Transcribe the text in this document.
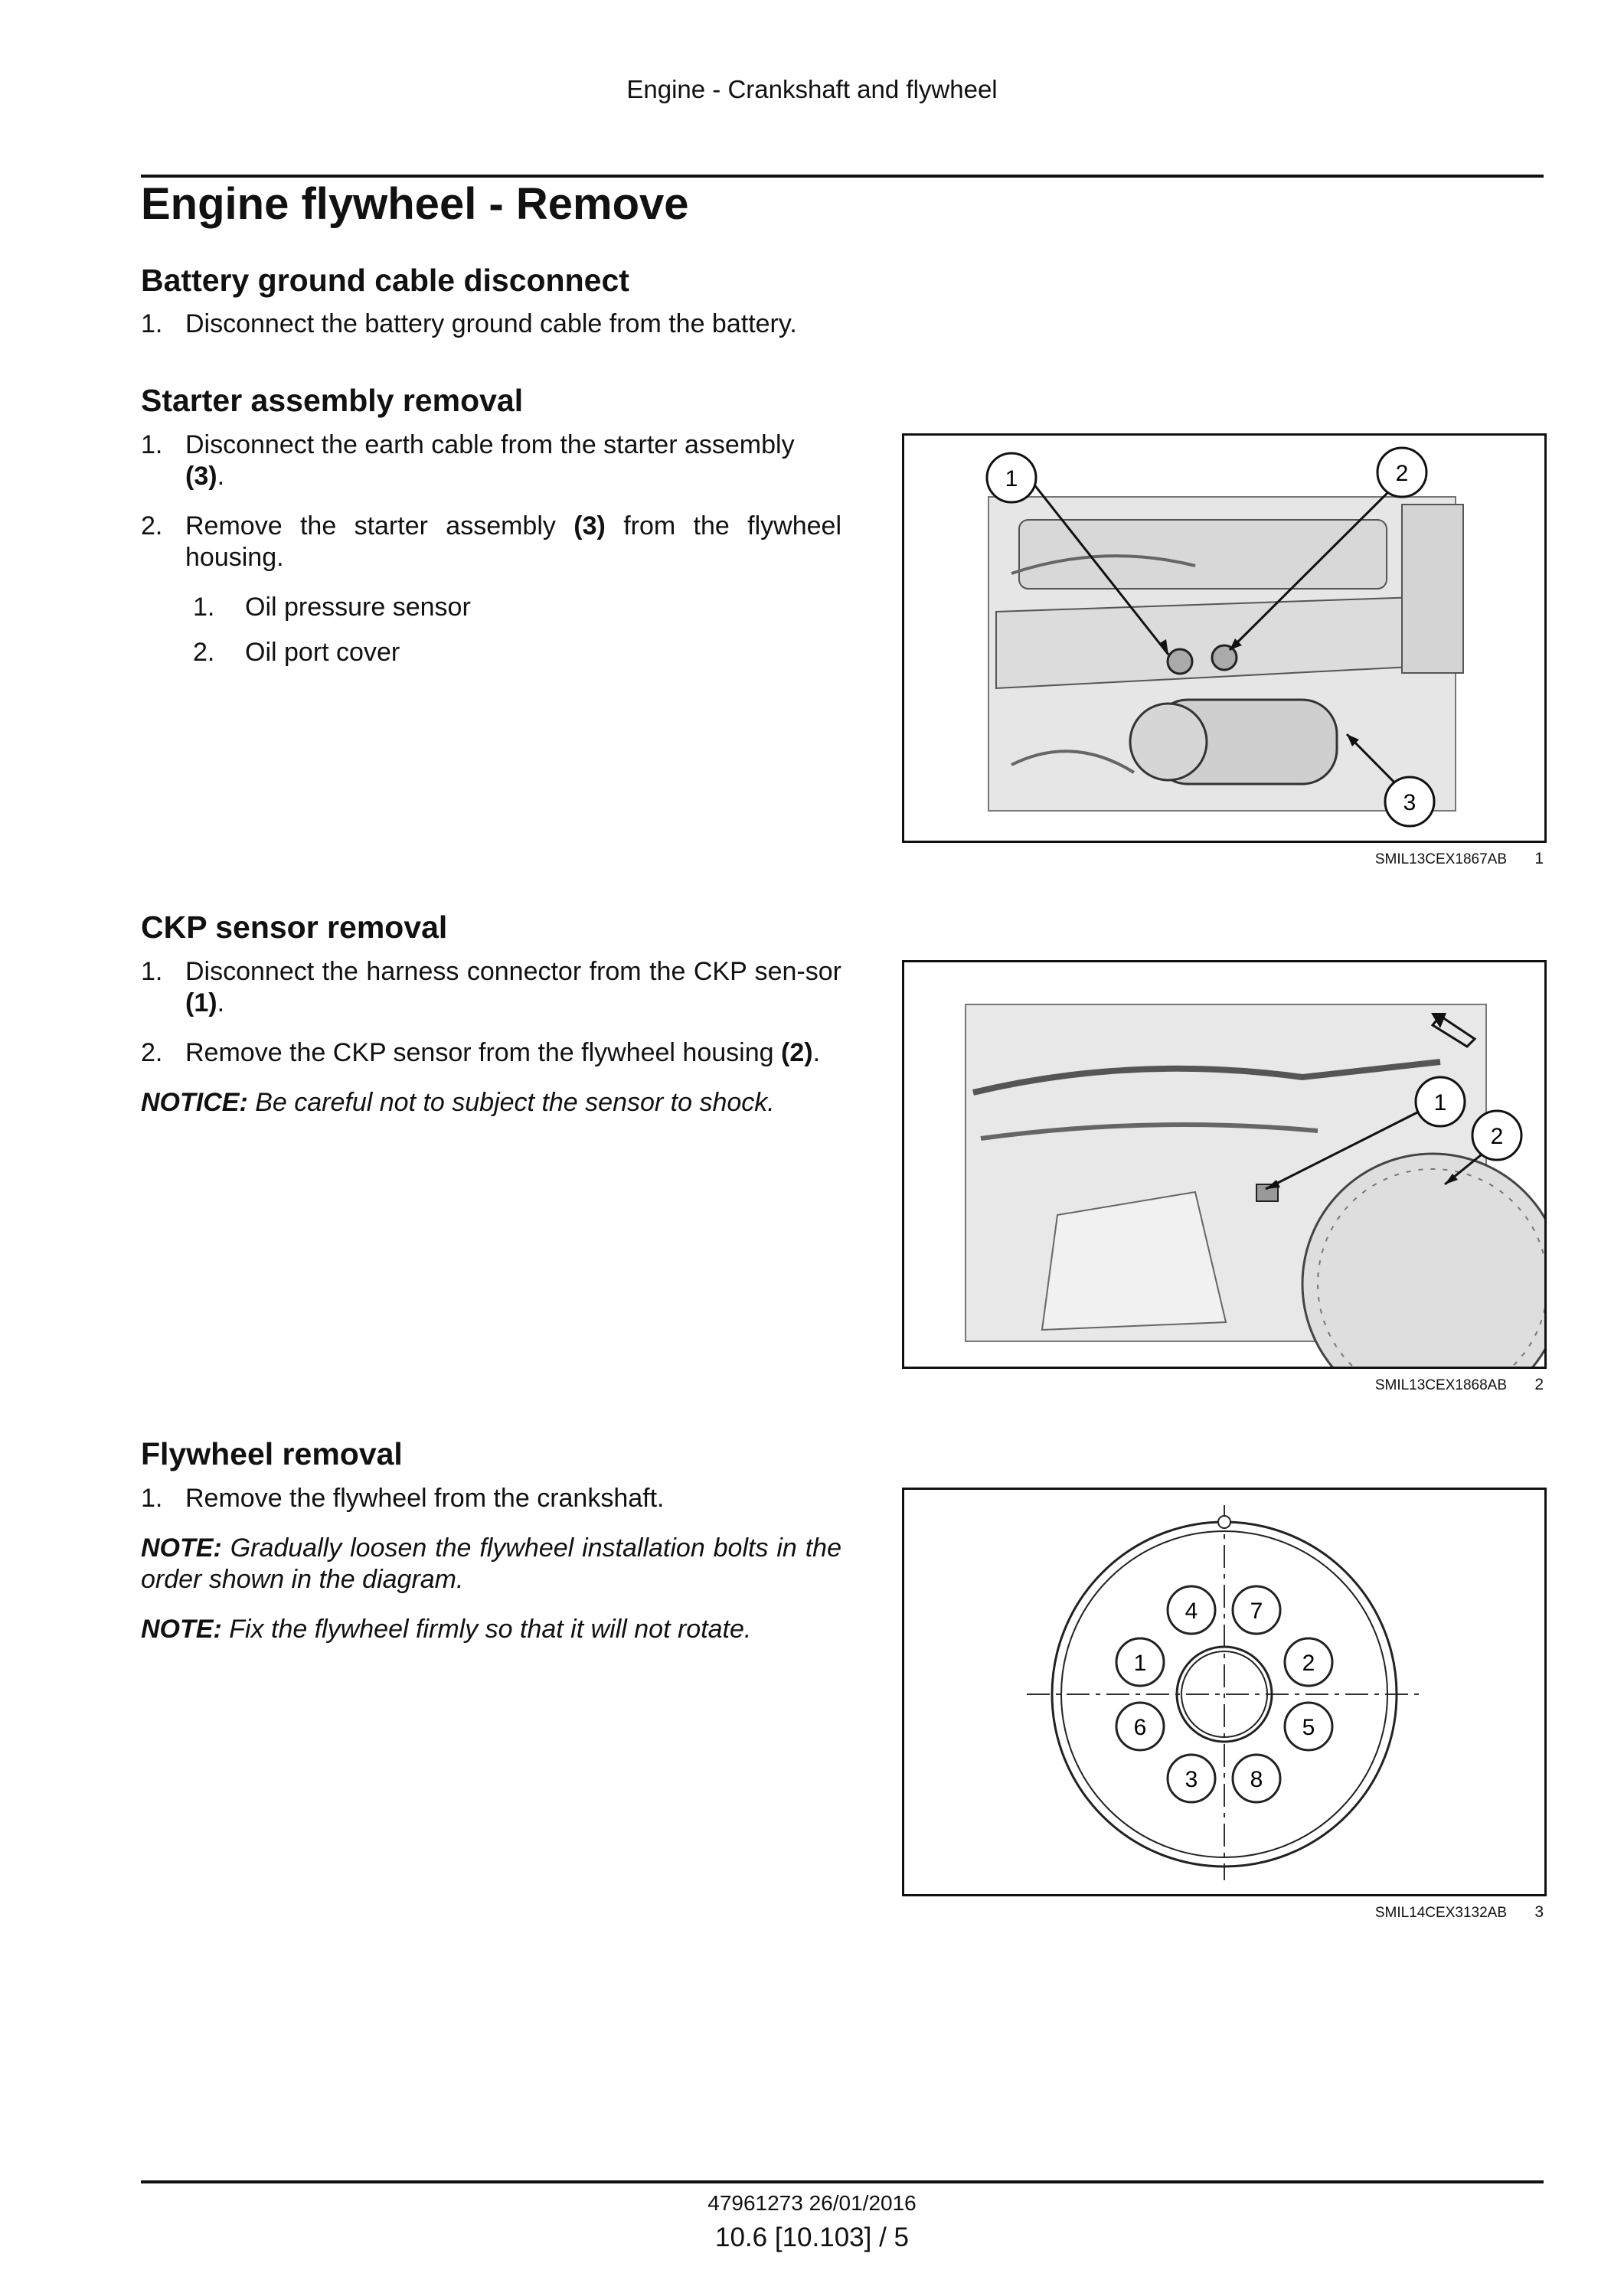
Engine - Crankshaft and flywheel
Engine flywheel - Remove
Battery ground cable disconnect
1. Disconnect the battery ground cable from the battery.
Starter assembly removal
1. Disconnect the earth cable from the starter assembly
(3).
2. Remove the starter assembly (3) from the flywheel housing.
1.	Oil pressure sensor
2.	Oil port cover
1	2
3
SMIL13CEX1867AB 1
CKP sensor removal
1. Disconnect the harness connector from the CKP sen-sor (1).
2. Remove the CKP sensor from the flywheel housing (2).
NOTICE: Be careful not to subject the sensor to shock.	1
2
SMIL13CEX1868AB 2
Flywheel removal
1. Remove the flywheel from the crankshaft.
NOTE: Gradually loosen the flywheel installation bolts in the order shown in the diagram.
NOTE: Fix the flywheel firmly so that it will not rotate.
4 7
1	2
6	5
3 8
SMIL14CEX3132AB 3
47961273 26/01/2016
10.6 [10.103] / 5
